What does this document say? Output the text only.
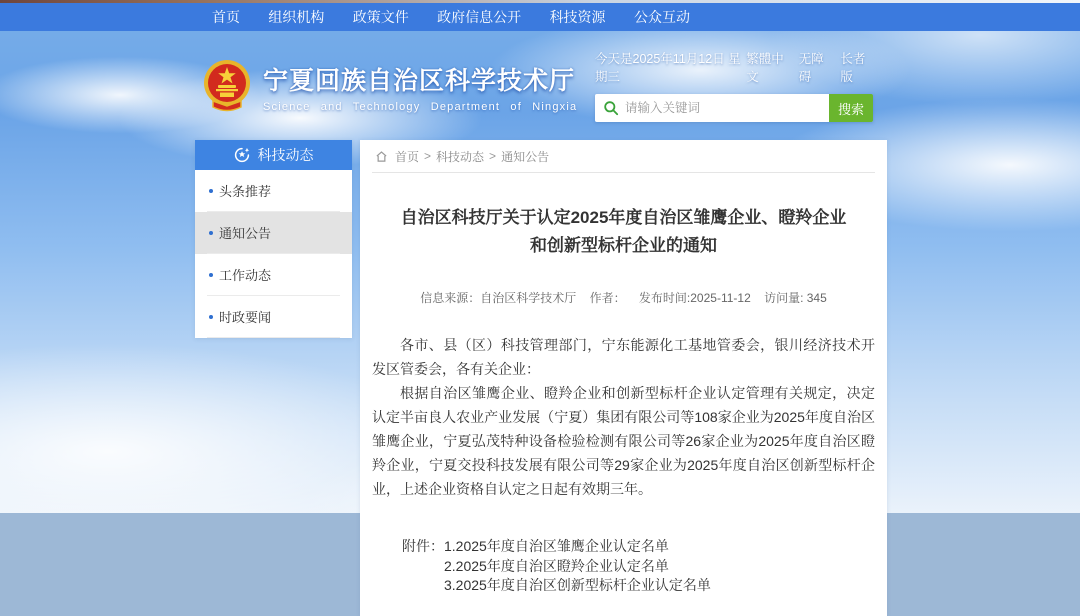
首页 组织机构 政策文件 政府信息公开 科技资源 公众互动
宁夏回族自治区科学技术厅
Science and Technology Department of Ningxia
今天是2025年11月12日 星期三
繁體中文
无障碍
长者版
请输入关键词
搜索
科技动态
头条推荐
通知公告
工作动态
时政要闻
首页 > 科技动态 > 通知公告
自治区科技厅关于认定2025年度自治区雏鹰企业、瞪羚企业
和创新型标杆企业的通知
信息来源：自治区科学技术厅 作者： 发布时间:2025-11-12 访问量: 345

各市、县（区）科技管理部门，宁东能源化工基地管委会，银川经济技术开发区管委会，各有关企业：

根据自治区雏鹰企业、瞪羚企业和创新型标杆企业认定管理有关规定，决定认定半亩良人农业产业发展（宁夏）集团有限公司等108家企业为2025年度自治区雏鹰企业，宁夏弘茂特种设备检验检测有限公司等26家企业为2025年度自治区瞪羚企业，宁夏交投科技发展有限公司等29家企业为2025年度自治区创新型标杆企业，上述企业资格自认定之日起有效期三年。

附件： 1.2025年度自治区雏鹰企业认定名单
2.2025年度自治区瞪羚企业认定名单
3.2025年度自治区创新型标杆企业认定名单
